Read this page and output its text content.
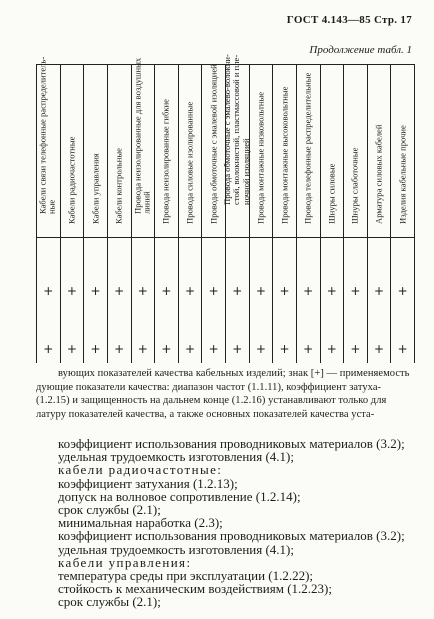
ГОСТ 4.143—85 Стр. 17
Продолжение табл. 1
Кабели связи телефонные распределитель-ные
+
+
Кабели радиочастотные
+
+
Кабели управления
+
+
Кабели контрольные
+
+
Провода неизолированные для воздушных линий
+
+
Провода неизолированные гибкие
+
+
Провода силовые изолированные
+
+
Провода обмоточные с эмалевой изоляцией
+
+
Провода обмоточные с эмалево-волокни-стой, волокнистой, пластмассовой и пле-ночной изоляцией
+
+
Провода монтажные низковольтные
+
+
Провода монтажные высоковольтные
+
+
Провода телефонные распределительные
+
+
Шнуры силовые
+
+
Шнуры слаботочные
+
+
Арматура силовых кабелей
+
+
Изделия кабельные прочие
+
+
вующих показателей качества кабельных изделий; знак [+] — применяемость
дующие показатели качества: диапазон частот (1.1.11), коэффициент затуха-
(1.2.15) и защищенность на дальнем конце (1.2.16) устанавливают только для
латуру показателей качества, а также основных показателей качества уста-
коэффициент использования проводниковых материалов (3.2);
удельная трудоемкость изготовления (4.1);
кабели радиочастотные:
коэффициент затухания (1.2.13);
допуск на волновое сопротивление (1.2.14);
срок службы (2.1);
минимальная наработка (2.3);
коэффициент использования проводниковых материалов (3.2);
удельная трудоемкость изготовления (4.1);
кабели управления:
температура среды при эксплуатации (1.2.22);
стойкость к механическим воздействиям (1.2.23);
срок службы (2.1);
